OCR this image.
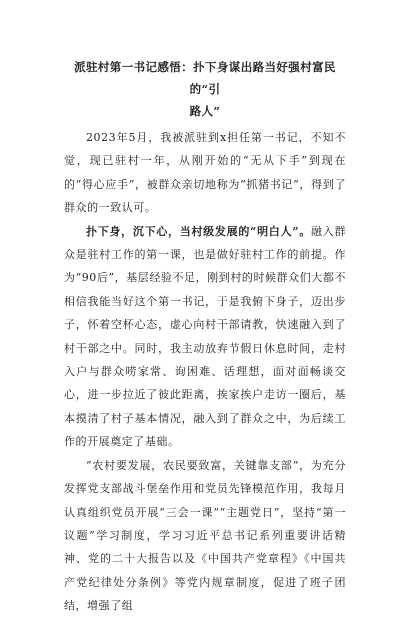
派驻村第一书记感悟：扑下身谋出路当好强村富民的“引
路人”

2023年5月，我被派驻到x担任第一书记，不知不觉，现已驻村一年，从刚开始的“无从下手”到现在的“得心应手”，被群众亲切地称为“抓猪书记”，得到了群众的一致认可。

扑下身，沉下心，当村级发展的“明白人”。融入群众是驻村工作的第一课，也是做好驻村工作的前提。作为“90后”，基层经验不足，刚到村的时候群众们大都不相信我能当好这个第一书记，于是我俯下身子，迈出步子，怀着空杯心态，虚心向村干部请教，快速融入到了村干部之中。同时，我主动放弃节假日休息时间，走村入户与群众唠家常、询困难、话理想，面对面畅谈交心，进一步拉近了彼此距离，挨家挨户走访一圈后，基本摸清了村子基本情况，融入到了群众之中，为后续工作的开展奠定了基础。

“农村要发展，农民要致富，关键靠支部”，为充分发挥党支部战斗堡垒作用和党员先锋模范作用，我每月认真组织党员开展“三会一课”“主题党日”，坚持“第一议题”学习制度，学习习近平总书记系列重要讲话精神、党的二十大报告以及《中国共产党章程》《中国共产党纪律处分条例》等党内规章制度，促进了班子团结，增强了组
